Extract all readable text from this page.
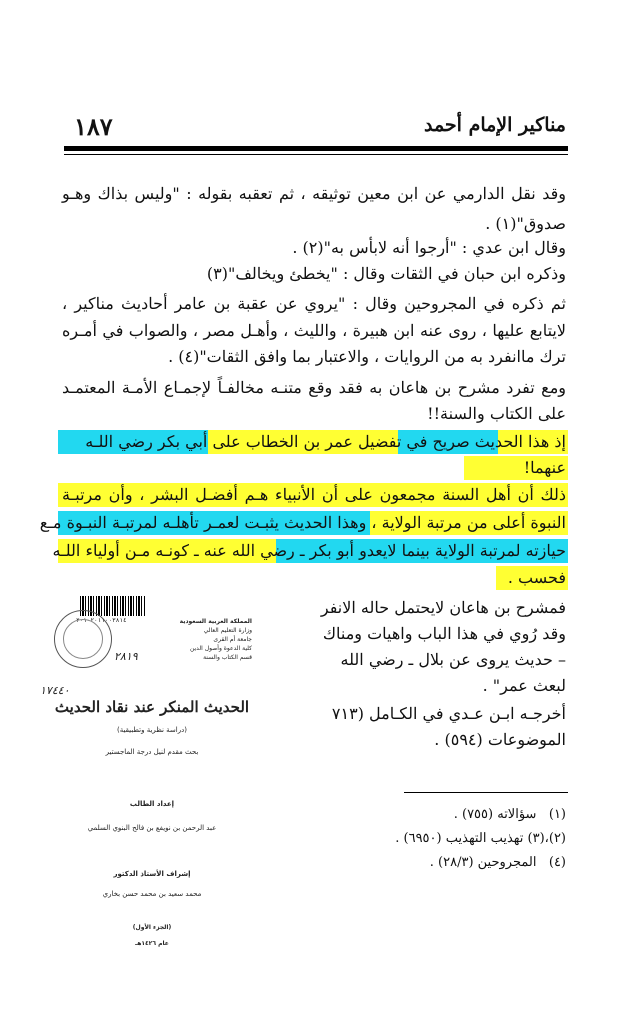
١٨٧	مناكير الإمام أحمد
وقد نقل الدارمي عن ابن معين توثيقه ، ثم تعقبه بقوله : "وليس بذاك وهـو
صدوق"(١) .
وقال ابن عدي : "أرجوا أنه لابأس به"(٢) .
وذكره ابن حبان في الثقات وقال : "يخطئ ويخالف"(٣)
ثم ذكره في المجروحين وقال : "يروي عن عقبة بن عامر أحاديث مناكير ،
لايتابع عليها ، روى عنه ابن هبيرة ، والليث ، وأهـل مصر ، والصواب في أمـره
ترك ماانفرد به من الروايات ، والاعتبار بما وافق الثقات"(٤) .
ومع تفرد مشرح بن هاعان به فقد وقع متنـه مخالفـاً لإجمـاع الأمـة المعتمـد
على الكتاب والسنة!!
إذ هذا الحديث صريح في تفضيل عمر بن الخطاب على أبي بكر رضي اللـه
عنهما!
ذلك أن أهل السنة مجمعون على أن الأنبياء هـم أفضـل البشر ، وأن مرتبـة
النبوة أعلى من مرتبة الولاية ، وهذا الحديث يثبـت لعمـر تأهلـه لمرتبـة النبـوة مـع
حيازته لمرتبة الولاية بينما لايعدو أبو بكر ـ رضي الله عنه ـ كونـه مـن أولياء اللـه
فحسب .
فمشرح بن هاعان لايحتمل حاله الانفر
وقد رُوي في هذا الباب واهيات ومناك
– حديث يروى عن بلال ـ رضي الله
لبعث عمر" .
أخرجـه ابـن عـدي في الكـامل (٧١٣
الموضوعات (٥٩٤) .
٢٠١٠٢٠١١٠٠٣٨١٤	المملكة العربية السعودية
وزارة التعليم العالي
جامعة أم القرى
كلية الدعوة وأصول الدين
قسم الكتاب والسنة
٢٨١٩
١٧٤٤٠
الحديث المنكر عند نقاد الحديث
(دراسة نظرية وتطبيقية)
بحث مقدم لنيل درجة الماجستير
إعداد الطالب
عبد الرحمن بن نويفع بن فالح البنوي السلمي
إشراف الأستاذ الدكتور
محمد سعيد بن محمد حسن بخاري
(الجزء الأول)
عام ١٤٢٦هـ
(١)   سؤالاته (٧٥٥) .
(٢)،(٣) تهذيب التهذيب (٦٩٥٠) .
(٤)   المجروحين (٢٨/٣) .
